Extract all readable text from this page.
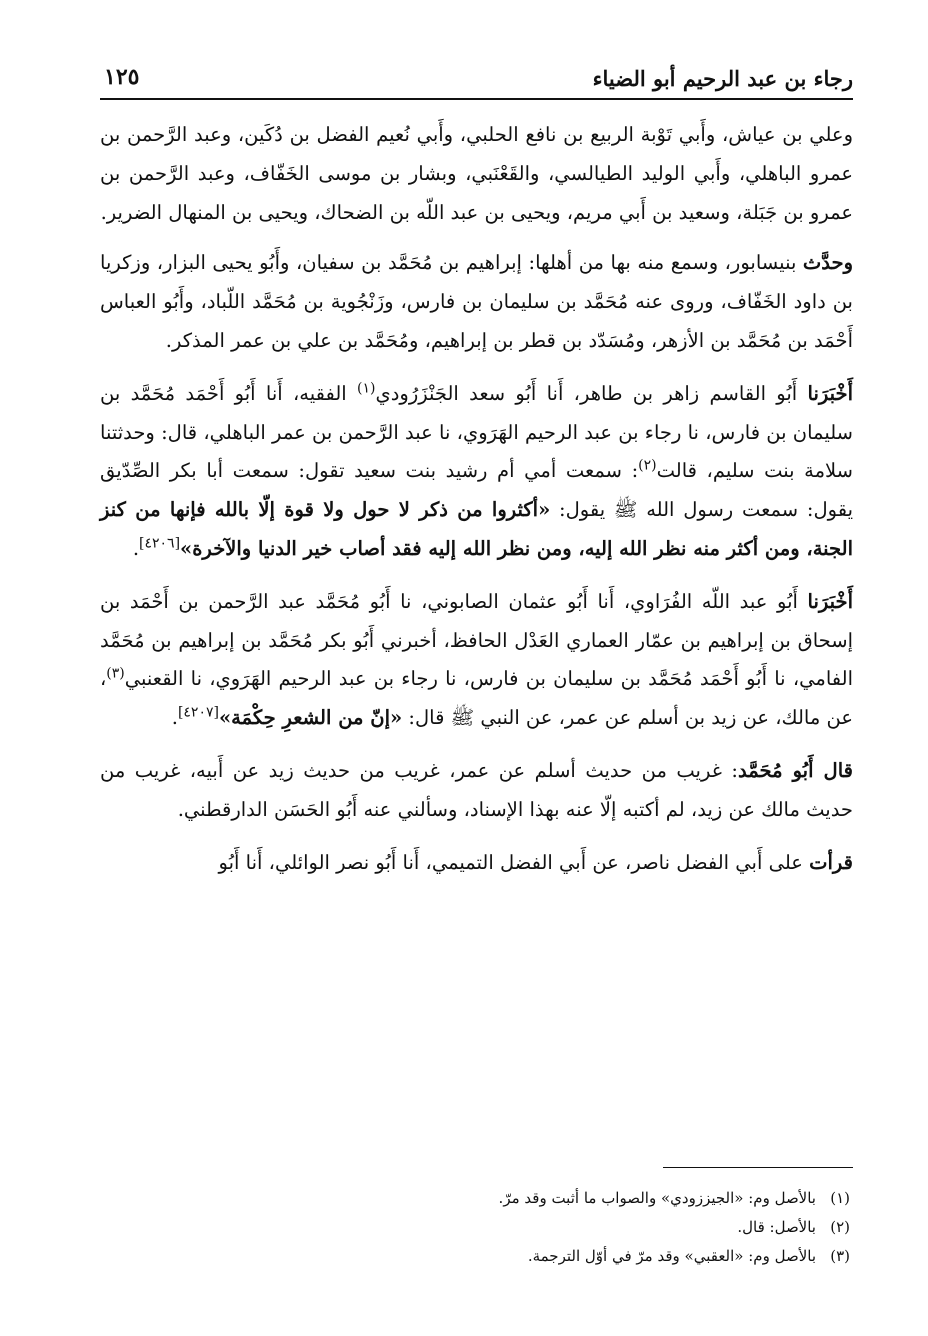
رجاء بن عبد الرحيم أبو الضياء
١٢٥

وعلي بن عياش، وأَبي تَوْبة الربيع بن نافع الحلبي، وأَبي نُعيم الفضل بن دُكَين، وعبد الرَّحمن بن عمرو الباهلي، وأَبي الوليد الطيالسي، والقَعْنَبي، وبشار بن موسى الخَفّاف، وعبد الرَّحمن بن عمرو بن جَبَلة، وسعيد بن أَبي مريم، ويحيى بن عبد اللّه بن الضحاك، ويحيى بن المنهال الضرير.

وحدَّث بنيسابور، وسمع منه بها من أهلها: إبراهيم بن مُحَمَّد بن سفيان، وأَبُو يحيى البزار، وزكريا بن داود الخَفّاف، وروى عنه مُحَمَّد بن سليمان بن فارس، وزَنْجُوية بن مُحَمَّد اللّباد، وأَبُو العباس أَحْمَد بن مُحَمَّد بن الأزهر، ومُسَدّد بن قطر بن إبراهيم، ومُحَمَّد بن علي بن عمر المذكر.

أَخْبَرَنا أَبُو القاسم زاهر بن طاهر، أَنا أَبُو سعد الجَنْزَرُودي$^{(١)}$ الفقيه، أَنا أَبُو أَحْمَد مُحَمَّد بن سليمان بن فارس، نا رجاء بن عبد الرحيم الهَرَوي، نا عبد الرَّحمن بن عمر الباهلي، قال: وحدثتنا سلامة بنت سليم، قالت$^{(٢)}$: سمعت أمي أم رشيد بنت سعيد تقول: سمعت أبا بكر الصِّدّيق يقول: سمعت رسول الله ﷺ يقول: «أكثروا من ذكر لا حول ولا قوة إلّا بالله فإنها من كنز الجنة، ومن أكثر منه نظر الله إليه، ومن نظر الله إليه فقد أصاب خير الدنيا والآخرة»[٤٢٠٦].

أَخْبَرَنا أَبُو عبد اللّه الفُرَاوي، أَنا أَبُو عثمان الصابوني، نا أَبُو مُحَمَّد عبد الرَّحمن بن أَحْمَد بن إسحاق بن إبراهيم بن عمّار العماري العَدْل الحافظ، أخبرني أَبُو بكر مُحَمَّد بن إبراهيم بن مُحَمَّد الفامي، نا أَبُو أَحْمَد مُحَمَّد بن سليمان بن فارس، نا رجاء بن عبد الرحيم الهَرَوي، نا القعنبي$^{(٣)}$، عن مالك، عن زيد بن أسلم عن عمر، عن النبي ﷺ قال: «إنّ من الشعرِ حِكْمَة»[٤٢٠٧].

قال أَبُو مُحَمَّد: غريب من حديث أسلم عن عمر، غريب من حديث زيد عن أَبيه، غريب من حديث مالك عن زيد، لم أكتبه إلّا عنه بهذا الإسناد، وسألني عنه أَبُو الحَسَن الدارقطني.

قرأت على أَبي الفضل ناصر، عن أَبي الفضل التميمي، أَنا أَبُو نصر الوائلي، أَنا أَبُو

(١)بالأصل وم: «الجيززودي» والصواب ما أثبت وقد مرّ.
(٢)بالأصل: قال.
(٣)بالأصل وم: «العقبي» وقد مرّ في أوّل الترجمة.
